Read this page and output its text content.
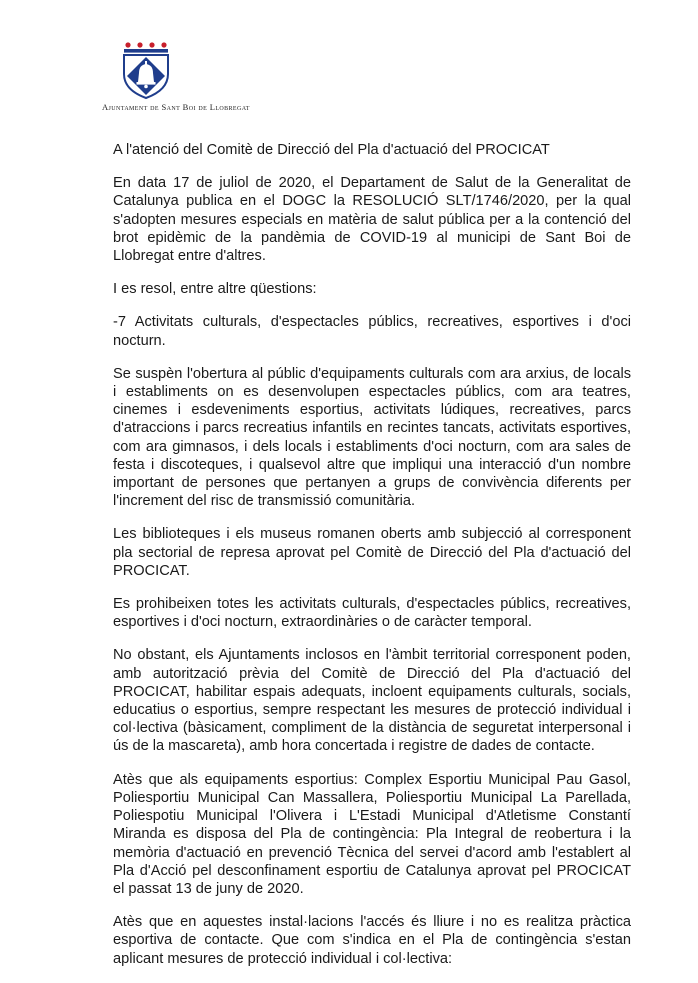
Ajuntament de Sant Boi de Llobregat

A l'atenció del Comitè de Direcció del Pla d'actuació del PROCICAT

En data 17 de juliol de 2020, el Departament de Salut de la Generalitat de Catalunya publica en el DOGC la RESOLUCIÓ SLT/1746/2020, per la qual s'adopten mesures especials en matèria de salut pública per a la contenció del brot epidèmic de la pandèmia de COVID-19 al municipi de Sant Boi de Llobregat entre d'altres.

I es resol, entre altre qüestions:

-7 Activitats culturals, d'espectacles públics, recreatives, esportives i d'oci nocturn.

Se suspèn l'obertura al públic d'equipaments culturals com ara arxius, de locals i establiments on es desenvolupen espectacles públics, com ara teatres, cinemes i esdeveniments esportius, activitats lúdiques, recreatives, parcs d'atraccions i parcs recreatius infantils en recintes tancats, activitats esportives, com ara gimnasos, i dels locals i establiments d'oci nocturn, com ara sales de festa i discoteques, i qualsevol altre que impliqui una interacció d'un nombre important de persones que pertanyen a grups de convivència diferents per l'increment del risc de transmissió comunitària.

Les biblioteques i els museus romanen oberts amb subjecció al corresponent pla sectorial de represa aprovat pel Comitè de Direcció del Pla d'actuació del PROCICAT.

Es prohibeixen totes les activitats culturals, d'espectacles públics, recreatives, esportives i d'oci nocturn, extraordinàries o de caràcter temporal.

No obstant, els Ajuntaments inclosos en l'àmbit territorial corresponent poden, amb autorització prèvia del Comitè de Direcció del Pla d'actuació del PROCICAT, habilitar espais adequats, incloent equipaments culturals, socials, educatius o esportius, sempre respectant les mesures de protecció individual i col·lectiva (bàsicament, compliment de la distància de seguretat interpersonal i ús de la mascareta), amb hora concertada i registre de dades de contacte.

Atès que als equipaments esportius: Complex Esportiu Municipal Pau Gasol, Poliesportiu Municipal Can Massallera, Poliesportiu Municipal La Parellada, Poliespotiu Municipal l'Olivera i L'Estadi Municipal d'Atletisme Constantí Miranda es disposa del Pla de contingència: Pla Integral de reobertura i la memòria d'actuació en prevenció Tècnica del servei d'acord amb l'establert al Pla d'Acció pel desconfinament esportiu de Catalunya aprovat pel PROCICAT el passat 13 de juny de 2020.

Atès que en aquestes instal·lacions l'accés és lliure i no es realitza pràctica esportiva de contacte. Que com s'indica en el Pla de contingència s'estan aplicant mesures de protecció individual i col·lectiva:
